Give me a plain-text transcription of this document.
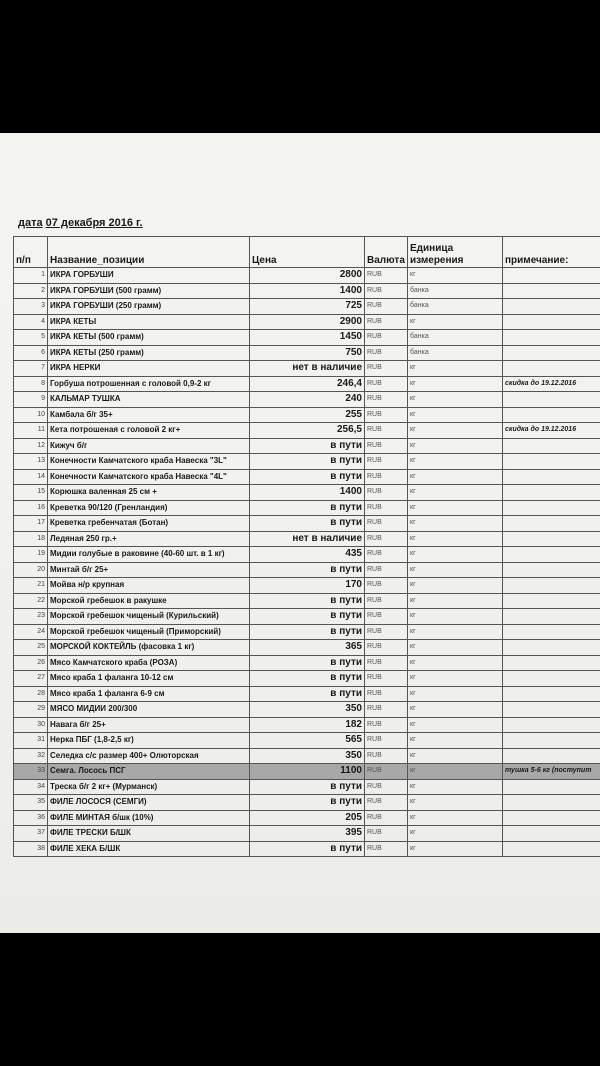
дата 07 декабря 2016 г.
п/п	Название_позиции	Цена	Валюта	Единица измерения	примечание:
1	ИКРА ГОРБУШИ	2800	RUB	кг	
2	ИКРА ГОРБУШИ (500 грамм)	1400	RUB	банка	
3	ИКРА ГОРБУШИ (250 грамм)	725	RUB	банка	
4	ИКРА КЕТЫ	2900	RUB	кг	
5	ИКРА КЕТЫ (500 грамм)	1450	RUB	банка	
6	ИКРА КЕТЫ (250 грамм)	750	RUB	банка	
7	ИКРА НЕРКИ	нет в наличие	RUB	кг	
8	Горбуша потрошенная с головой 0,9-2 кг	246,4	RUB	кг	скидка до 19.12.2016
9	КАЛЬМАР ТУШКА	240	RUB	кг	
10	Камбала б/г 35+	255	RUB	кг	
11	Кета потрошеная с головой 2 кг+	256,5	RUB	кг	скидка до 19.12.2016
12	Кижуч б/г	в пути	RUB	кг	
13	Конечности Камчатского краба Навеска "3L"	в пути	RUB	кг	
14	Конечности Камчатского краба Навеска "4L"	в пути	RUB	кг	
15	Корюшка валенная 25 см +	1400	RUB	кг	
16	Креветка 90/120 (Гренландия)	в пути	RUB	кг	
17	Креветка гребенчатая (Ботан)	в пути	RUB	кг	
18	Ледяная 250 гр.+	нет в наличие	RUB	кг	
19	Мидии голубые в раковине (40-60 шт. в 1 кг)	435	RUB	кг	
20	Минтай б/г 25+	в пути	RUB	кг	
21	Мойва н/р крупная	170	RUB	кг	
22	Морской гребешок в ракушке	в пути	RUB	кг	
23	Морской гребешок чищеный (Курильский)	в пути	RUB	кг	
24	Морской гребешок чищеный (Приморский)	в пути	RUB	кг	
25	МОРСКОЙ КОКТЕЙЛЬ (фасовка 1 кг)	365	RUB	кг	
26	Мясо Камчатского краба (РОЗА)	в пути	RUB	кг	
27	Мясо краба 1 фаланга 10-12 см	в пути	RUB	кг	
28	Мясо краба 1 фаланга 6-9 см	в пути	RUB	кг	
29	МЯСО МИДИИ 200/300	350	RUB	кг	
30	Навага б/г 25+	182	RUB	кг	
31	Нерка ПБГ (1,8-2,5 кг)	565	RUB	кг	
32	Селедка с/с размер 400+ Олюторская	350	RUB	кг	
33	Семга. Лосось ПСГ	1100	RUB	кг	тушка 5-6 кг (поступит
34	Треска б/г 2 кг+ (Мурманск)	в пути	RUB	кг	
35	ФИЛЕ ЛОСОСЯ (СЕМГИ)	в пути	RUB	кг	
36	ФИЛЕ МИНТАЯ б/шк (10%)	205	RUB	кг	
37	ФИЛЕ ТРЕСКИ Б/ШК	395	RUB	кг	
38	ФИЛЕ ХЕКА Б/ШК	в пути	RUB	кг	
